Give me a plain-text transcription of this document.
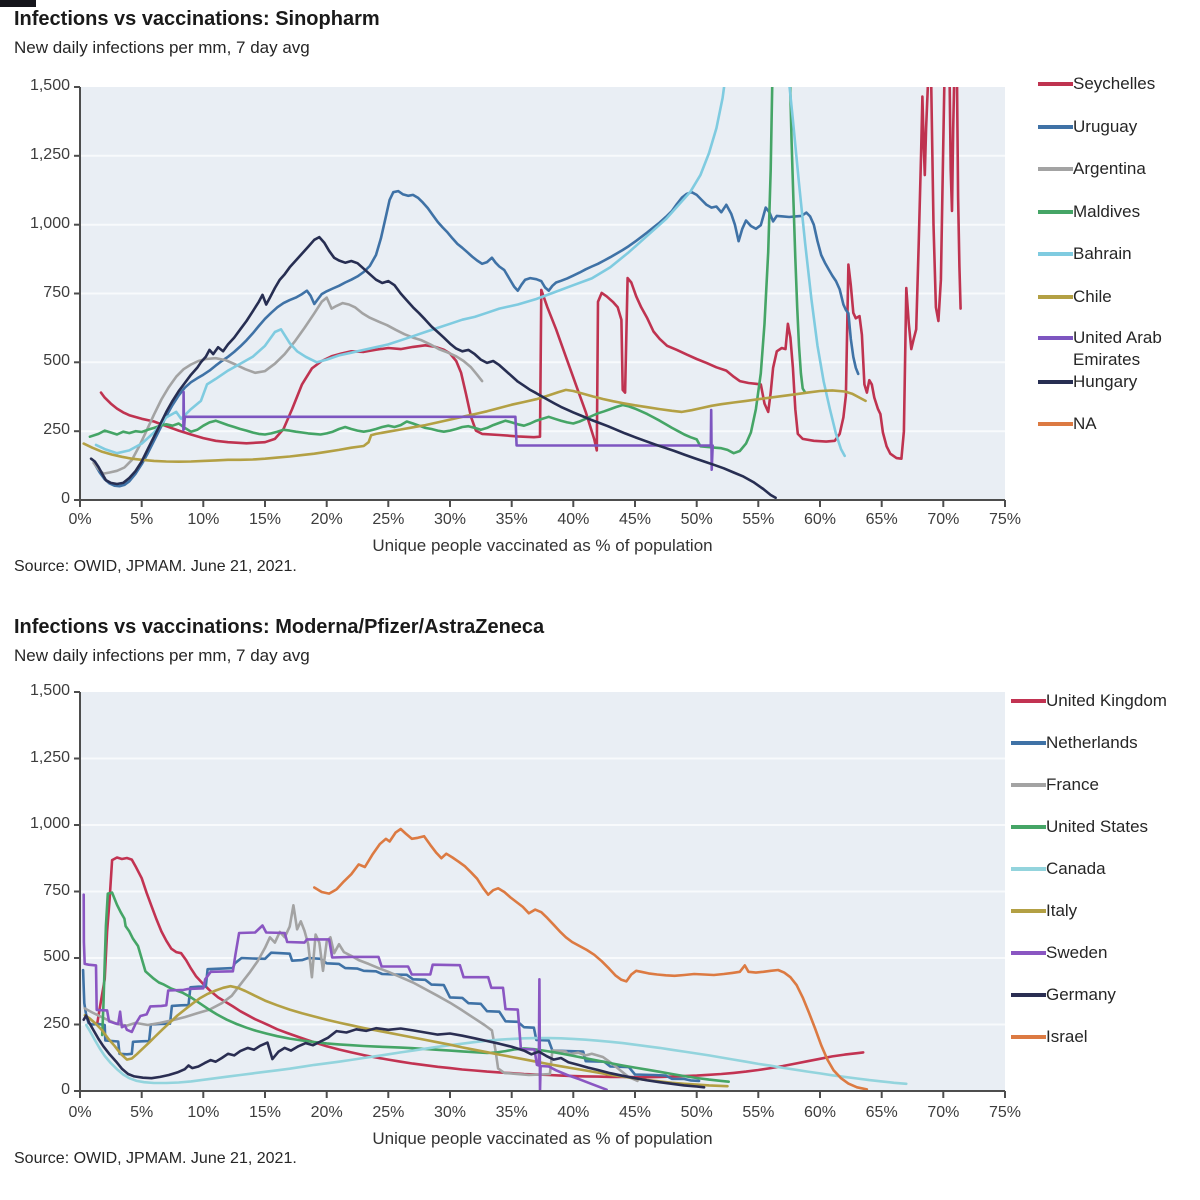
Infections vs vaccinations: Sinopharm
New daily infections per mm, 7 day avg
Unique people vaccinated as % of population
Source: OWID, JPMAM. June 21, 2021.
Seychelles
Uruguay
Argentina
Maldives
Bahrain
Chile
United Arab Emirates
Hungary
NA
Infections vs vaccinations: Moderna/Pfizer/AstraZeneca
New daily infections per mm, 7 day avg
Unique people vaccinated as % of population
Source: OWID, JPMAM. June 21, 2021.
United Kingdom
Netherlands
France
United States
Canada
Italy
Sweden
Germany
Israel
0
250
500
750
1,000
1,250
1,500
0%	5%	10%	15%	20%	25%	30%	35%	40%	45%	50%	55%	60%	65%	70%	75%
0
250
500
750
1,000
1,250
1,500
0%	5%	10%	15%	20%	25%	30%	35%	40%	45%	50%	55%	60%	65%	70%	75%
